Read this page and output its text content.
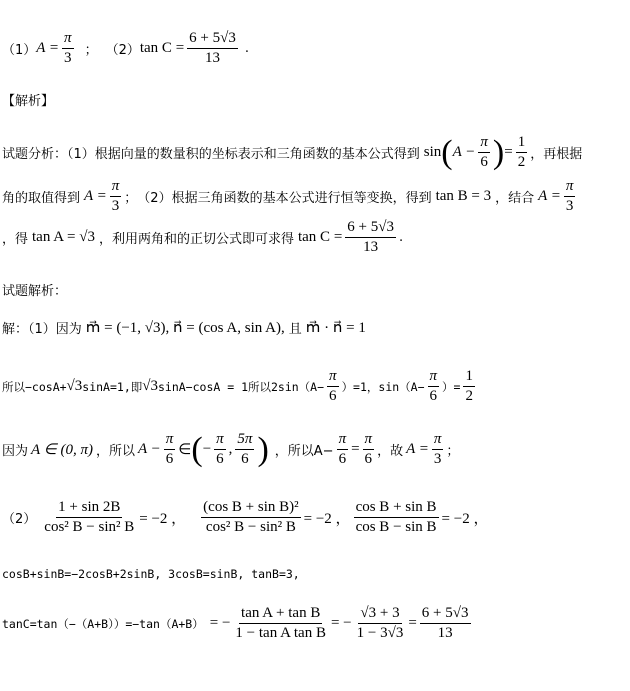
（1） $A = \frac{\pi}{3}$ ； （2） $\tan C = \frac{6 + 5√3}{13}$ .
【解析】
试题分析：（1）根据向量的数量积的坐标表示和三角函数的基本公式得到 sin ( $A - \frac{\pi}{6}$ ) = $\frac{1}{2}$ ，再根据
角的取值得到 $A = \frac{\pi}{3}$ ；　（2）根据三角函数的基本公式进行恒等变换，得到 tan B = 3 ，结合 $A = \frac{\pi}{3}$
，得 tan A = √3 ，利用两角和的正切公式即可求得 $\tan C = \frac{6 + 5√3}{13}$ .
试题解析：
解：（1）因为 m⃗ = (−1, √3), n⃗ = (cos A, sin A), 且 m⃗ · n⃗ = 1
所以−cosA+ √3 sinA=1,即 √3 sinA−cosA = 1所以$2\sin(A- \frac{\pi}{6} )=1$，$\sin(A- \frac{\pi}{6}$ ）= $\frac{1}{2}$
因为 A ∈ (0, π) ，所以 $A - \frac{\pi}{6}$ ∈ ( − $\frac{\pi}{6}$ , $\frac{5\pi}{6}$ ) ，所以$A- \frac{\pi}{6} = \frac{\pi}{6}$ ，故 $A = \frac{\pi}{3}$ ；
$(2) \frac{1 + \sin 2B}{\text{cos² B − sin² B}} = -2$ ， $\frac{\text{(cos B + sin B)²}}{\text{cos² B − sin² B}} = -2$ ， $\frac{\text{cos B + sin B}}{\text{cos B − sin B}} = -2$ ，
cosB+sinB=−2cosB+2sinB, 3cosB=sinB, tanB=3,
tanC=tan（−（A+B））=−tan（A+B） = − $\frac{\text{tan A + tan B}}{\text{1 − tan A tan B}}$ = − $\frac{√3 + 3}{1 - 3√3} = \frac{6 + 5√3}{13}$
